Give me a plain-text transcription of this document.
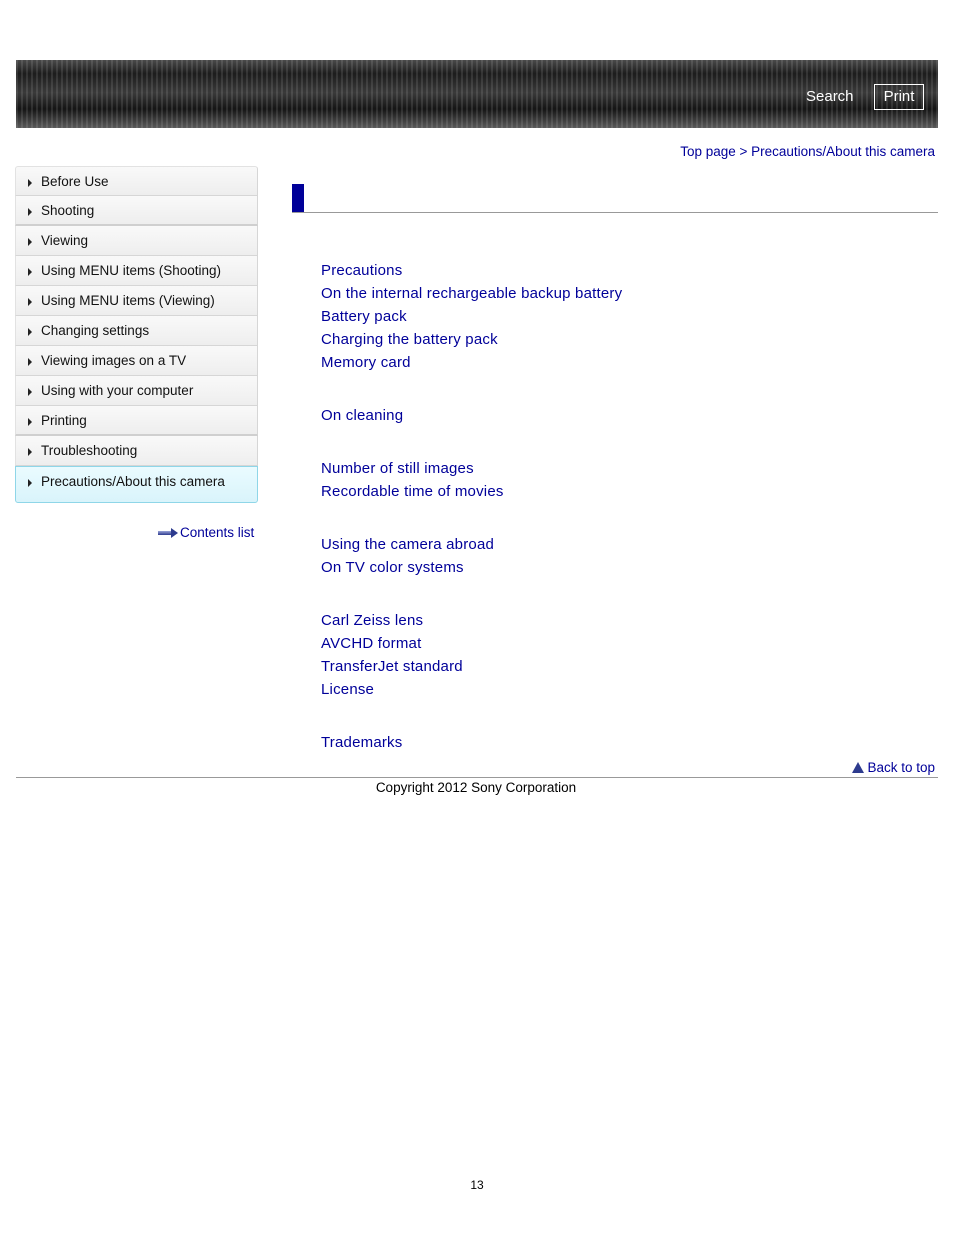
Search	Print
Top page > Precautions/About this camera
Before Use
Shooting
Viewing
Using MENU items (Shooting)
Using MENU items (Viewing)
Changing settings
Viewing images on a TV
Using with your computer
Printing
Troubleshooting
Precautions/About this camera
Contents list
Precautions
On the internal rechargeable backup battery
Battery pack
Charging the battery pack
Memory card
On cleaning
Number of still images
Recordable time of movies
Using the camera abroad
On TV color systems
Carl Zeiss lens
AVCHD format
TransferJet standard
License
Trademarks
Back to top
Copyright 2012 Sony Corporation
13
